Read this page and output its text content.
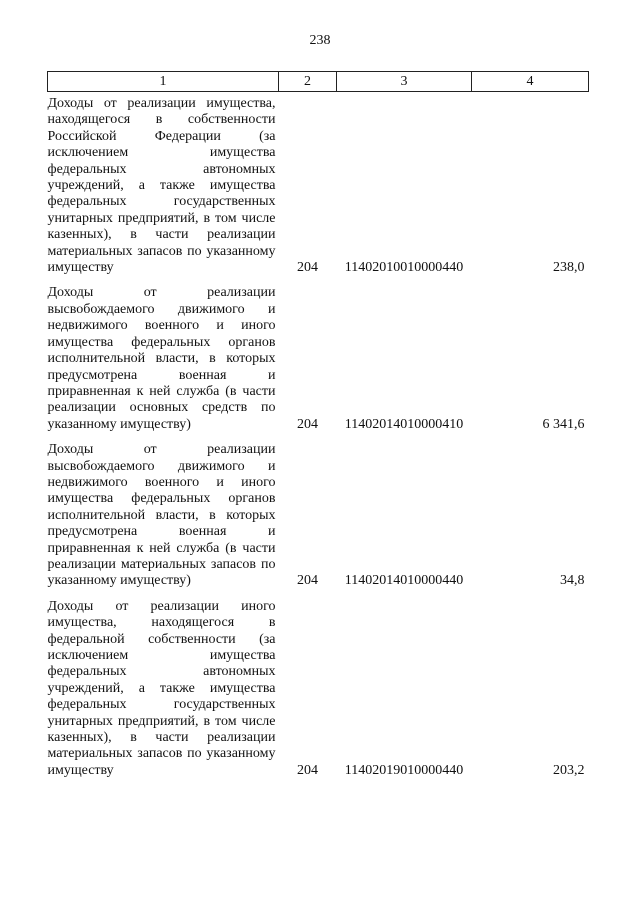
238
1	2	3	4
Доходы от реализации имущества, находящегося в собственности Российской Федерации (за исключением имущества федеральных автономных учреждений, а также имущества федеральных государственных унитарных предприятий, в том числе казенных), в части реализации материальных запасов по указанному имуществу	204	11402010010000440	238,0
Доходы от реализации высвобождаемого движимого и недвижимого военного и иного имущества федеральных органов исполнительной власти, в которых предусмотрена военная и приравненная к ней служба (в части реализации основных средств по указанному имуществу)	204	11402014010000410	6 341,6
Доходы от реализации высвобождаемого движимого и недвижимого военного и иного имущества федеральных органов исполнительной власти, в которых предусмотрена военная и приравненная к ней служба (в части реализации материальных запасов по указанному имуществу)	204	11402014010000440	34,8
Доходы от реализации иного имущества, находящегося в федеральной собственности (за исключением имущества федеральных автономных учреждений, а также имущества федеральных государственных унитарных предприятий, в том числе казенных), в части реализации материальных запасов по указанному имуществу	204	11402019010000440	203,2
